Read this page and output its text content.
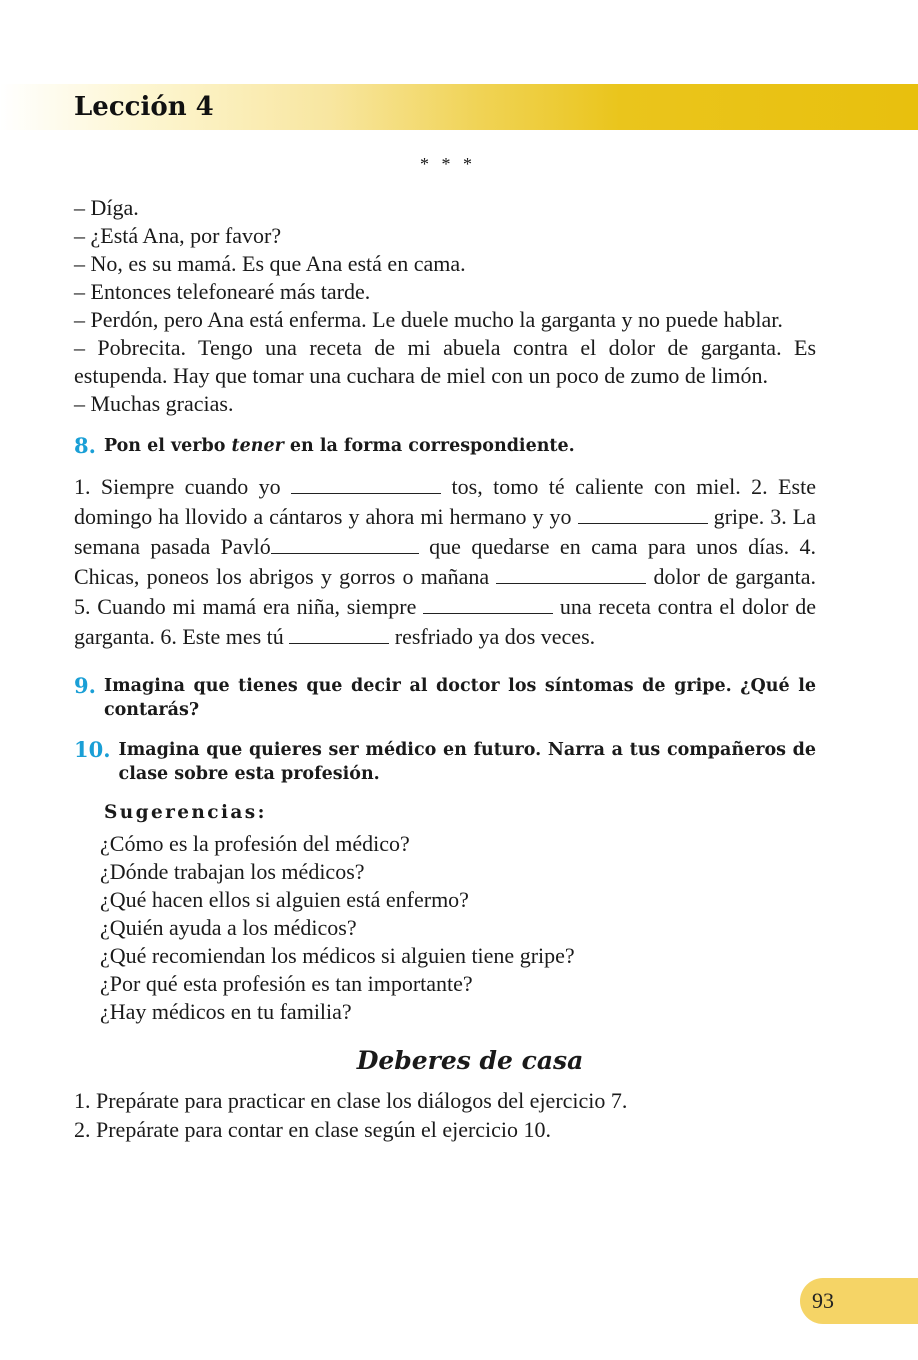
Lección 4
* * *
– Díga.
– ¿Está Ana, por favor?
– No, es su mamá. Es que Ana está en cama.
– Entonces telefonearé más tarde.
– Perdón, pero Ana está enferma. Le duele mucho la garganta y no puede hablar.
– Pobrecita. Tengo una receta de mi abuela contra el dolor de garganta. Es estupenda. Hay que tomar una cuchara de miel con un poco de zumo de limón.
– Muchas gracias.
8. Pon el verbo tener en la forma correspondiente.
1. Siempre cuando yo	tos, tomo té caliente con miel. 2. Este domingo ha llovido a cántaros y ahora mi hermano y yo	gripe. 3. La semana pasada Pavló	que quedarse en cama para unos días. 4. Chicas, poneos los abrigos y gorros o mañana	dolor de garganta. 5. Cuando mi mamá era niña, siempre	una receta contra el dolor de garganta. 6. Este mes tú	resfriado ya dos veces.
9. Imagina que tienes que decir al doctor los síntomas de gripe. ¿Qué le contarás?
10. Imagina que quieres ser médico en futuro. Narra a tus compañeros de clase sobre esta profesión.
Sugerencias:
¿Cómo es la profesión del médico?
¿Dónde trabajan los médicos?
¿Qué hacen ellos si alguien está enfermo?
¿Quién ayuda a los médicos?
¿Qué recomiendan los médicos si alguien tiene gripe?
¿Por qué esta profesión es tan importante?
¿Hay médicos en tu familia?
Deberes de casa
1. Prepárate para practicar en clase los diálogos del ejercicio 7.
2. Prepárate para contar en clase según el ejercicio 10.
93
